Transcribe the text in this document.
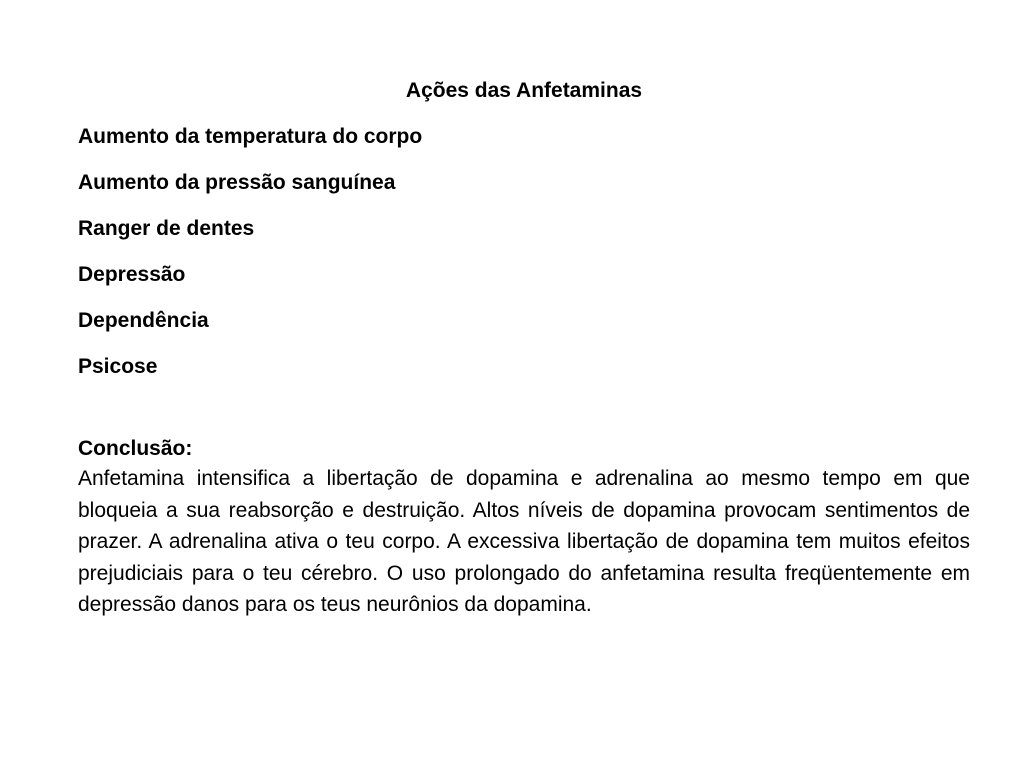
Ações das Anfetaminas
Aumento da temperatura do corpo
Aumento da pressão sanguínea
Ranger de dentes
Depressão
Dependência
Psicose

Conclusão:

Anfetamina intensifica a libertação de dopamina e adrenalina ao mesmo tempo em que bloqueia a sua reabsorção e destruição. Altos níveis de dopamina provocam sentimentos de prazer. A adrenalina ativa o teu corpo. A excessiva libertação de dopamina tem muitos efeitos prejudiciais para o teu cérebro. O uso prolongado do anfetamina resulta freqüentemente em depressão danos para os teus neurônios da dopamina.
